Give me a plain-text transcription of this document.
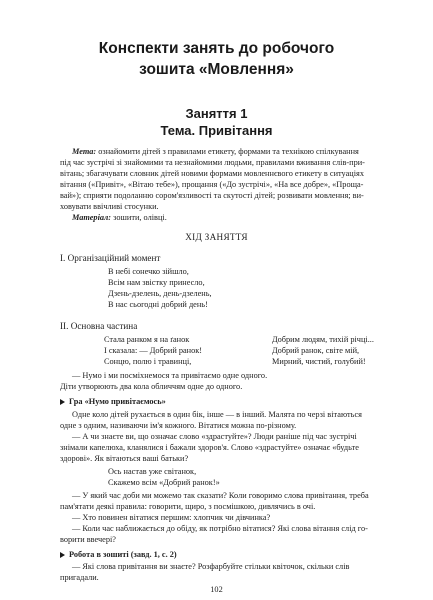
Конспекти занять до робочого
зошита «Мовлення»
Заняття 1
Тема. Привітання
Мета: ознайомити дітей з правилами етикету, формами та технікою спілкування
під час зустрічі зі знайомими та незнайомими людьми, правилами вживання слів-при-
вітань; збагачувати словник дітей новими формами мовленнєвого етикету в ситуаціях
вітання («Привіт», «Вітаю тебе»), прощання («До зустрічі», «На все добре», «Проща-
вай»); сприяти подоланню сором'язливості та скутості дітей; розвивати мовлення; ви-
ховувати ввічливі стосунки.
Матеріал: зошити, олівці.
ХІД ЗАНЯТТЯ
І. Організаційний момент
В небі сонечко зійшло,
Всім нам звістку принесло,
Дзень-дзелень, день-дзелень,
В нас сьогодні добрий день!
ІІ. Основна частина
Стала ранком я на ґанок
І сказала: — Добрий ранок!
Сонцю, полю і травинці,
Добрим людям, тихій річці...
Добрий ранок, світе мій,
Мирний, чистий, голубий!
— Нумо і ми посміхнемося та привітаємо одне одного.
Діти утворюють два кола обличчям одне до одного.
Гра «Нумо привітаємось»
Одне коло дітей рухається в один бік, інше — в інший. Малята по черзі вітаються
одне з одним, називаючи ім'я кожного. Вітатися можна по-різному.
— А чи знаєте ви, що означає слово «здрастуйте»? Люди раніше під час зустрічі
знімали капелюха, кланялися і бажали здоров'я. Слово «здрастуйте» означає «будьте
здорові». Як вітаються ваші батьки?
Ось настав уже світанок,
Скажемо всім «Добрий ранок!»
— У який час доби ми можемо так сказати? Коли говоримо слова привітання, треба
пам'ятати деякі правила: говорити, щиро, з посмішкою, дивлячись в очі.
— Хто повинен вітатися першим: хлопчик чи дівчинка?
— Коли час наближається до обіду, як потрібно вітатися? Які слова вітання слід го-
ворити ввечері?
Робота в зошиті (завд. 1, с. 2)
— Які слова привітання ви знаєте? Розфарбуйте стільки квіточок, скільки слів
пригадали.
102
